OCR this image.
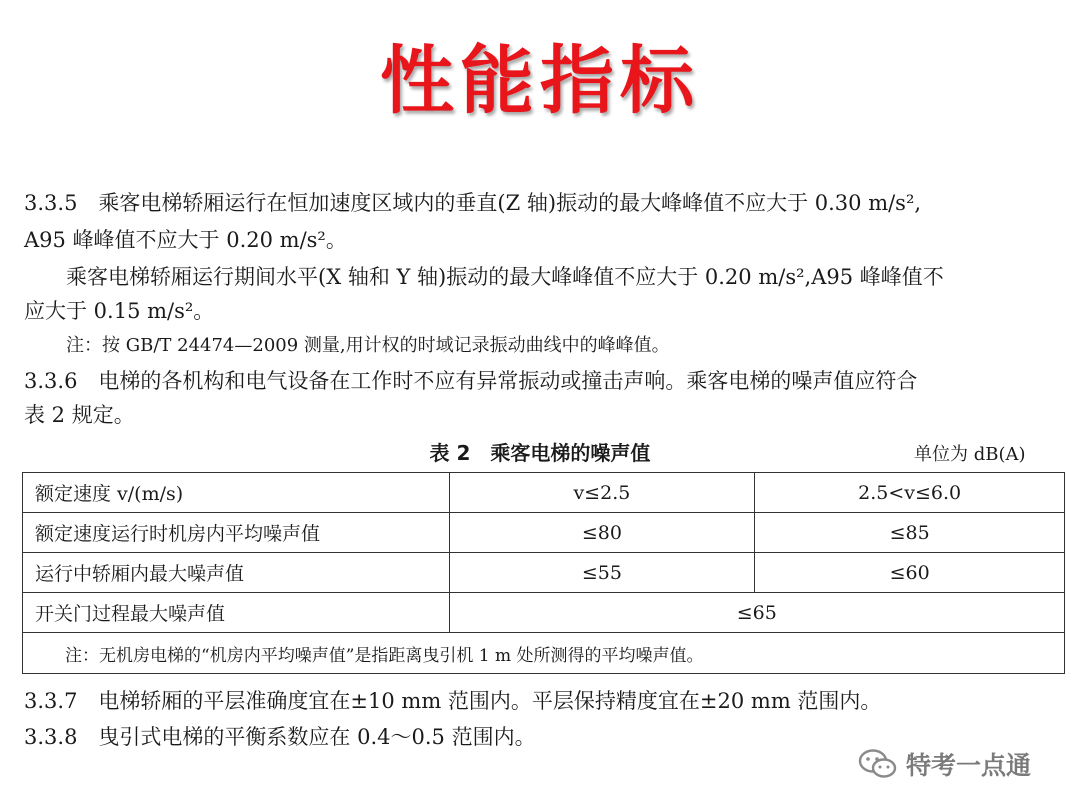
性能指标
3.3.5　乘客电梯轿厢运行在恒加速度区域内的垂直(Z 轴)振动的最大峰峰值不应大于 0.30 m/s²,
A95 峰峰值不应大于 0.20 m/s²。
乘客电梯轿厢运行期间水平(X 轴和 Y 轴)振动的最大峰峰值不应大于 0.20 m/s²,A95 峰峰值不
应大于 0.15 m/s²。
注：按 GB/T 24474—2009 测量,用计权的时域记录振动曲线中的峰峰值。
3.3.6　电梯的各机构和电气设备在工作时不应有异常振动或撞击声响。乘客电梯的噪声值应符合
表 2 规定。
表 2　乘客电梯的噪声值	单位为 dB(A)
额定速度 v/(m/s)	v≤2.5	2.5<v≤6.0
额定速度运行时机房内平均噪声值	≤80	≤85
运行中轿厢内最大噪声值	≤55	≤60
开关门过程最大噪声值	≤65	
注：无机房电梯的“机房内平均噪声值”是指距离曳引机 1 m 处所测得的平均噪声值。		
3.3.7　电梯轿厢的平层准确度宜在±10 mm 范围内。平层保持精度宜在±20 mm 范围内。
3.3.8　曳引式电梯的平衡系数应在 0.4～0.5 范围内。
特考一点通
